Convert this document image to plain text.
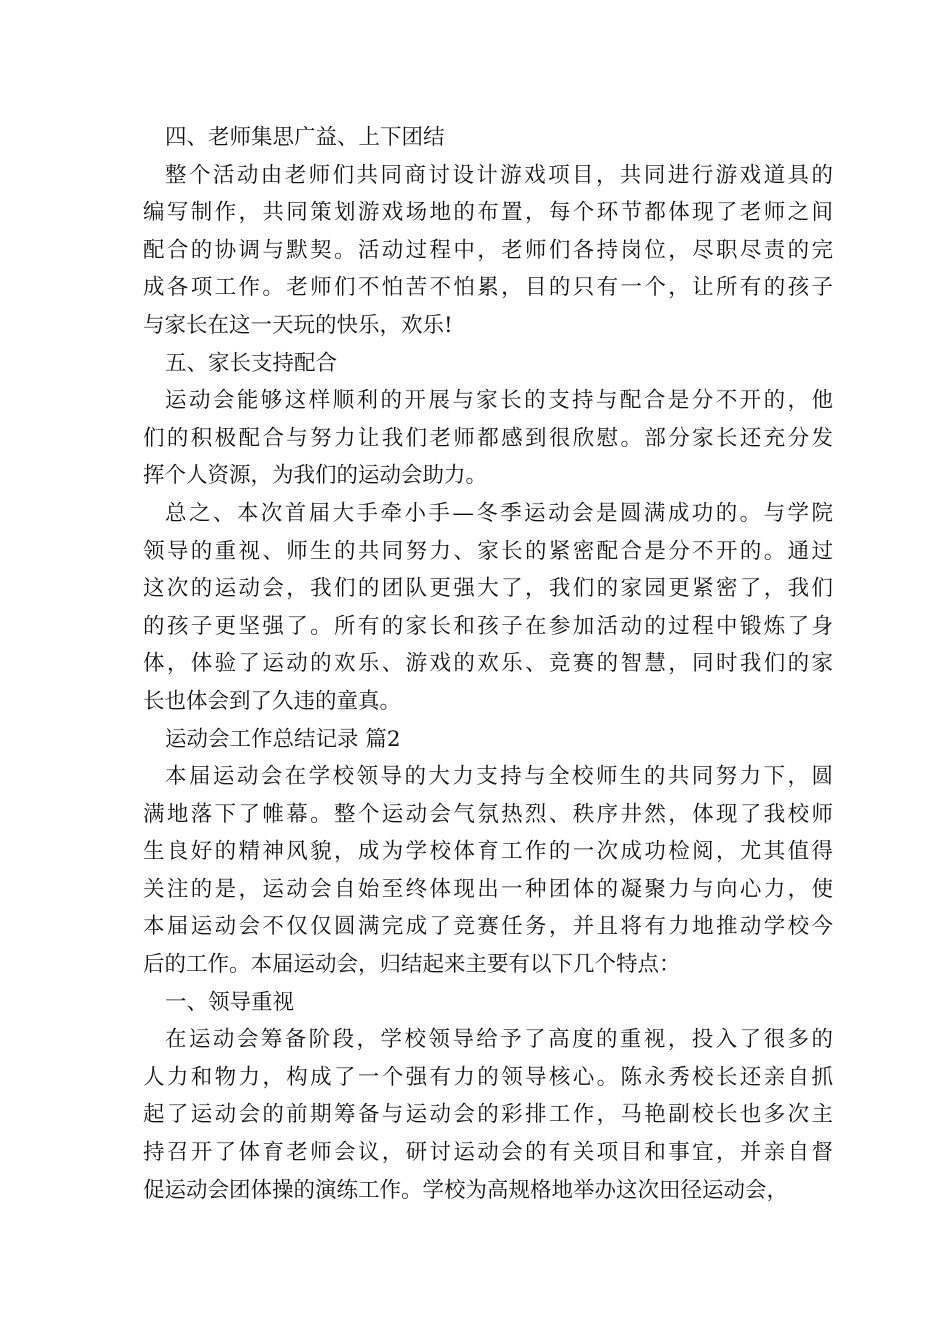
四、老师集思广益、上下团结
整个活动由老师们共同商讨设计游戏项目，共同进行游戏道具的
编写制作，共同策划游戏场地的布置，每个环节都体现了老师之间
配合的协调与默契。活动过程中，老师们各持岗位，尽职尽责的完
成各项工作。老师们不怕苦不怕累，目的只有一个，让所有的孩子
与家长在这一天玩的快乐，欢乐!
五、家长支持配合
运动会能够这样顺利的开展与家长的支持与配合是分不开的，他
们的积极配合与努力让我们老师都感到很欣慰。部分家长还充分发
挥个人资源，为我们的运动会助力。
总之、本次首届大手牵小手—冬季运动会是圆满成功的。与学院
领导的重视、师生的共同努力、家长的紧密配合是分不开的。通过
这次的运动会，我们的团队更强大了，我们的家园更紧密了，我们
的孩子更坚强了。所有的家长和孩子在参加活动的过程中锻炼了身
体，体验了运动的欢乐、游戏的欢乐、竞赛的智慧，同时我们的家
长也体会到了久违的童真。
运动会工作总结记录 篇2
本届运动会在学校领导的大力支持与全校师生的共同努力下，圆
满地落下了帷幕。整个运动会气氛热烈、秩序井然，体现了我校师
生良好的精神风貌，成为学校体育工作的一次成功检阅，尤其值得
关注的是，运动会自始至终体现出一种团体的凝聚力与向心力，使
本届运动会不仅仅圆满完成了竞赛任务，并且将有力地推动学校今
后的工作。本届运动会，归结起来主要有以下几个特点：
一、领导重视
在运动会筹备阶段，学校领导给予了高度的重视，投入了很多的
人力和物力，构成了一个强有力的领导核心。陈永秀校长还亲自抓
起了运动会的前期筹备与运动会的彩排工作，马艳副校长也多次主
持召开了体育老师会议，研讨运动会的有关项目和事宜，并亲自督
促运动会团体操的演练工作。学校为高规格地举办这次田径运动会，
